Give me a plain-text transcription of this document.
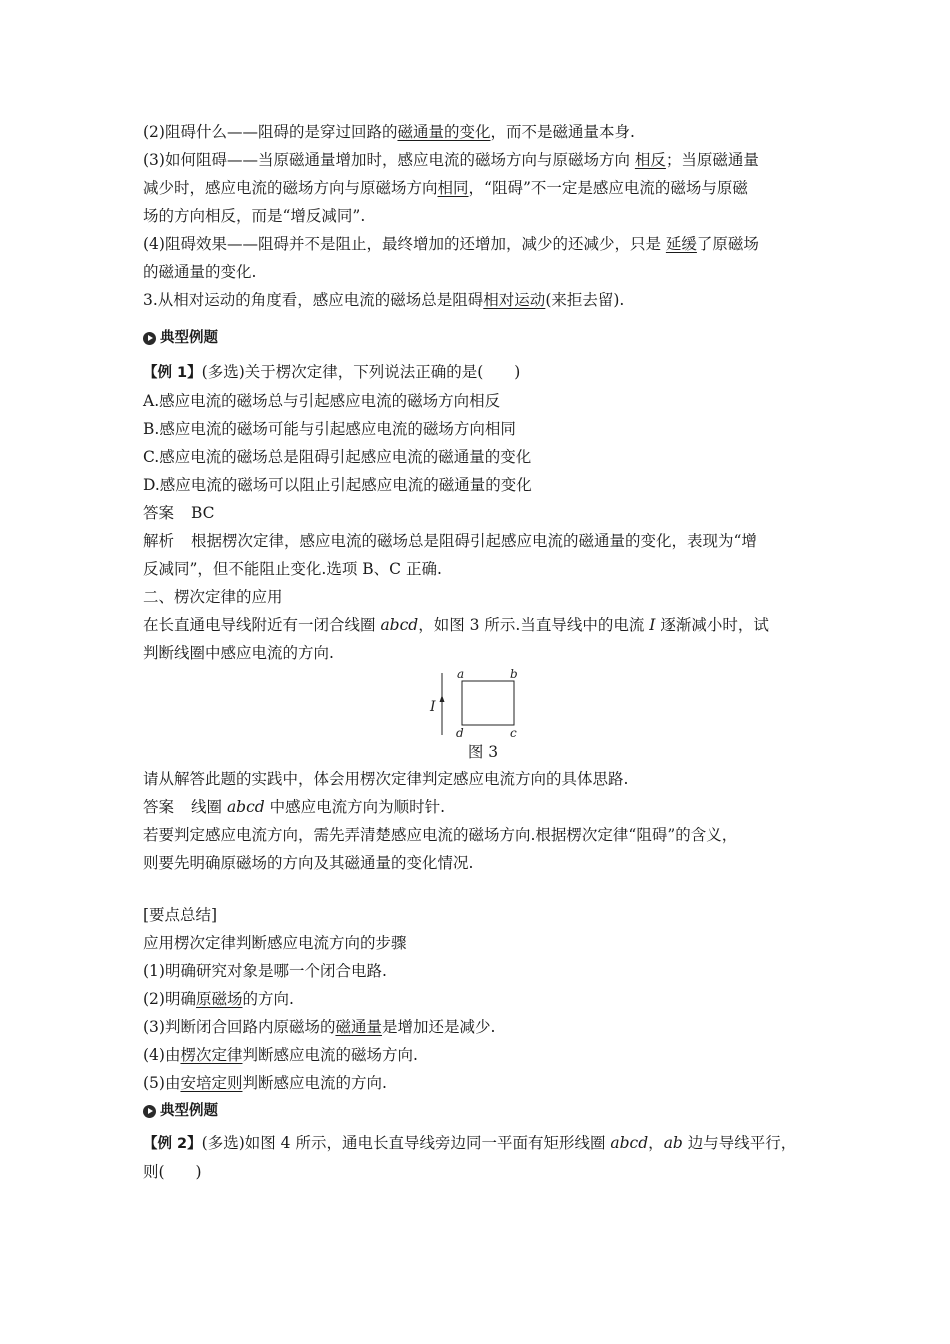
(2)阻碍什么——阻碍的是穿过回路的磁通量的变化，而不是磁通量本身.
(3)如何阻碍——当原磁通量增加时，感应电流的磁场方向与原磁场方向 相反；当原磁通量
减少时，感应电流的磁场方向与原磁场方向相同，“阻碍”不一定是感应电流的磁场与原磁
场的方向相反，而是“增反减同”.
(4)阻碍效果——阻碍并不是阻止，最终增加的还增加，减少的还减少，只是 延缓了原磁场
的磁通量的变化.
3.从相对运动的角度看，感应电流的磁场总是阻碍相对运动(来拒去留).
典型例题
【例 1】(多选)关于楞次定律，下列说法正确的是(　　)
A.感应电流的磁场总与引起感应电流的磁场方向相反
B.感应电流的磁场可能与引起感应电流的磁场方向相同
C.感应电流的磁场总是阻碍引起感应电流的磁通量的变化
D.感应电流的磁场可以阻止引起感应电流的磁通量的变化
答案 BC
解析 根据楞次定律，感应电流的磁场总是阻碍引起感应电流的磁通量的变化，表现为“增
反减同”，但不能阻止变化.选项 B、C 正确.
二、楞次定律的应用
在长直通电导线附近有一闭合线圈 abcd，如图 3 所示.当直导线中的电流 I 逐渐减小时，试
判断线圈中感应电流的方向.
I
a	b
c
d
图 3
请从解答此题的实践中，体会用楞次定律判定感应电流方向的具体思路.
答案 线圈 abcd 中感应电流方向为顺时针.
若要判定感应电流方向，需先弄清楚感应电流的磁场方向.根据楞次定律“阻碍”的含义，
则要先明确原磁场的方向及其磁通量的变化情况.
[要点总结]
应用楞次定律判断感应电流方向的步骤
(1)明确研究对象是哪一个闭合电路.
(2)明确原磁场的方向.
(3)判断闭合回路内原磁场的磁通量是增加还是减少.
(4)由楞次定律判断感应电流的磁场方向.
(5)由安培定则判断感应电流的方向.
典型例题
【例 2】(多选)如图 4 所示，通电长直导线旁边同一平面有矩形线圈 abcd，ab 边与导线平行，
则(　　)
